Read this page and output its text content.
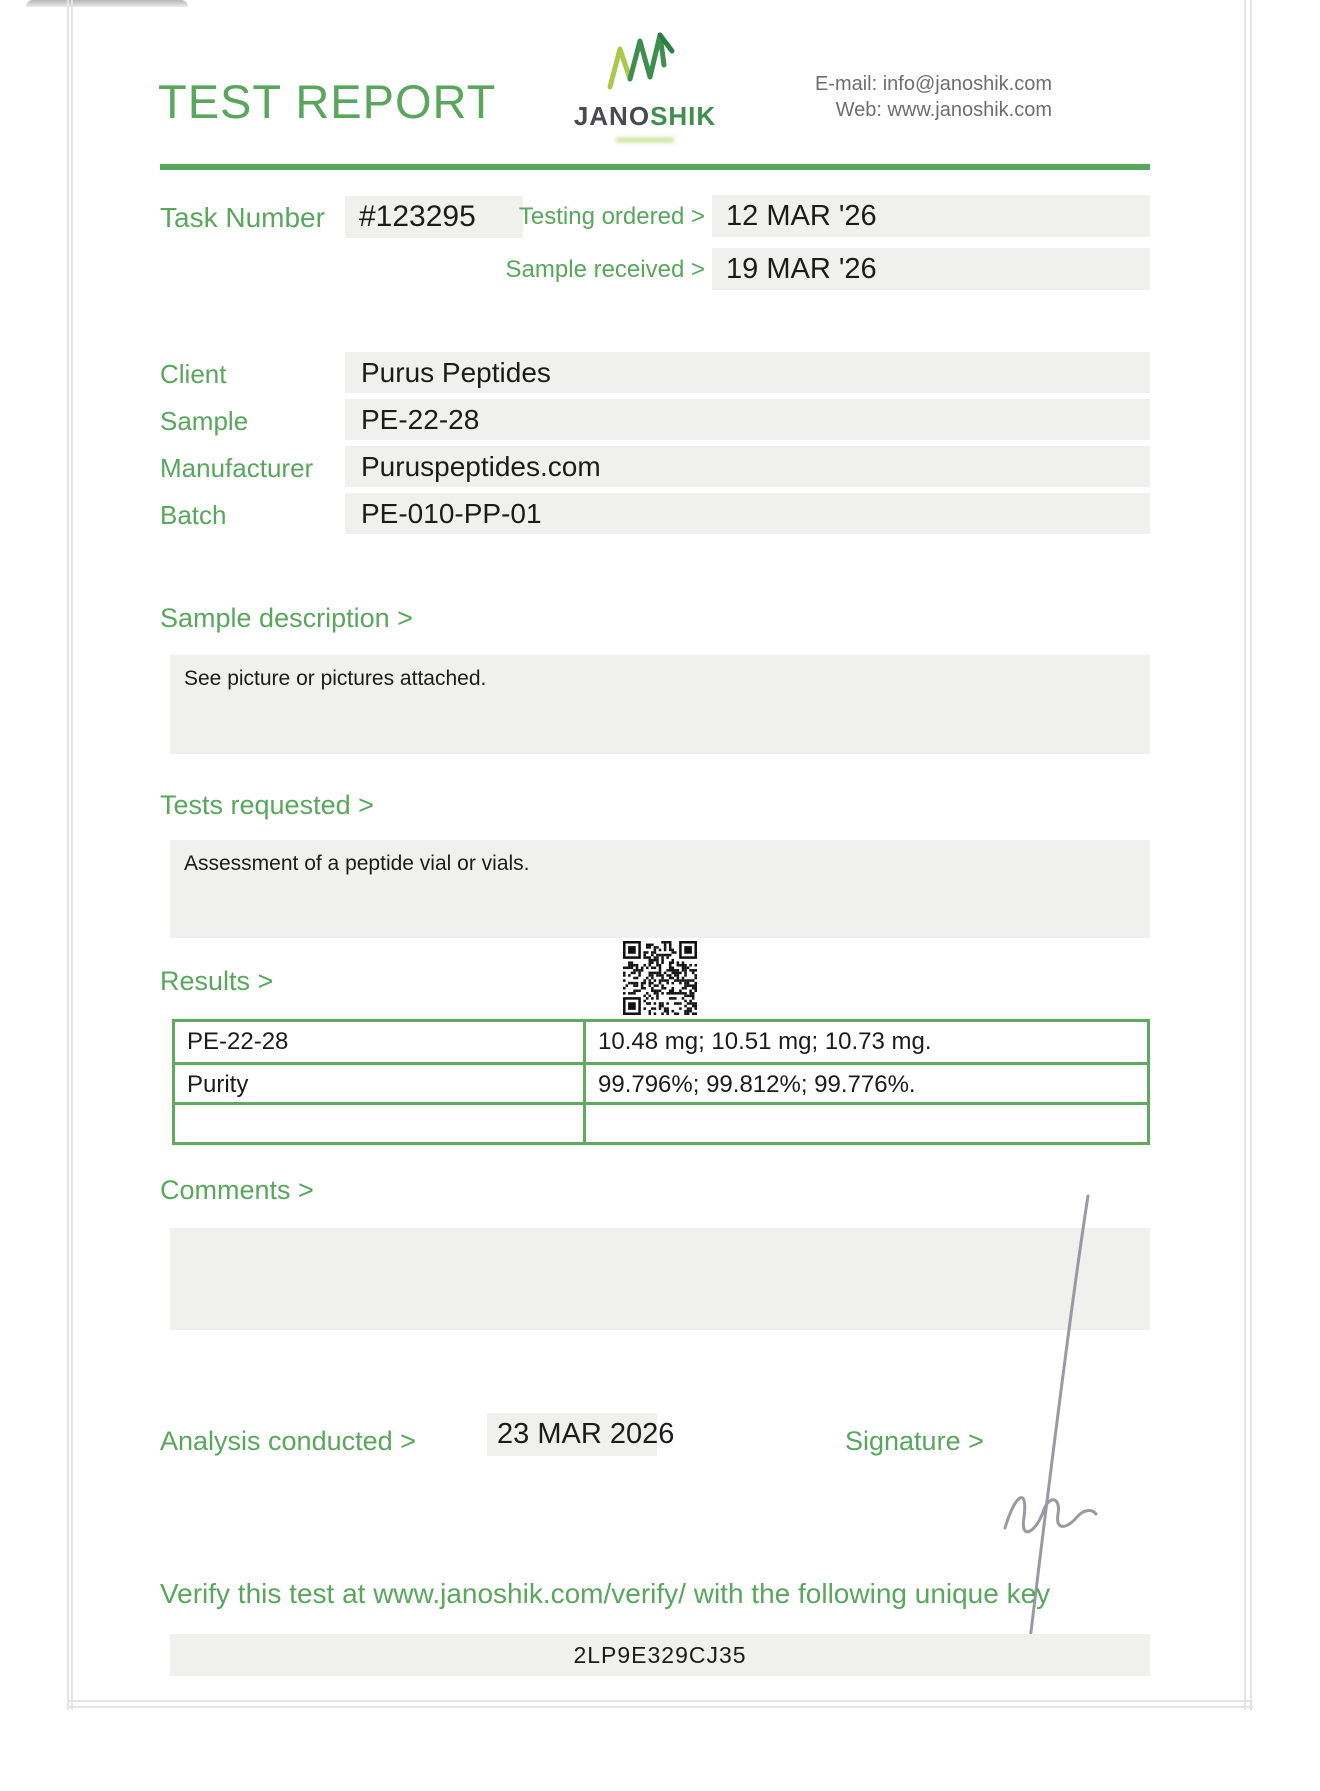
TEST REPORT	JANOSHIK
E-mail: info@janoshik.com
Web: www.janoshik.com
Task Number	#123295	Testing ordered > 12 MAR '26
Sample received > 19 MAR '26
Client	Purus Peptides
Sample	PE-22-28
Manufacturer	Puruspeptides.com
Batch	PE-010-PP-01
Sample description >
See picture or pictures attached.
Tests requested >
Assessment of a peptide vial or vials.
Results >
PE-22-28	10.48 mg; 10.51 mg; 10.73 mg.
Purity	99.796%; 99.812%; 99.776%.
Comments >
Analysis conducted >	23 MAR 2026	Signature >
Verify this test at www.janoshik.com/verify/ with the following unique key
2LP9E329CJ35
